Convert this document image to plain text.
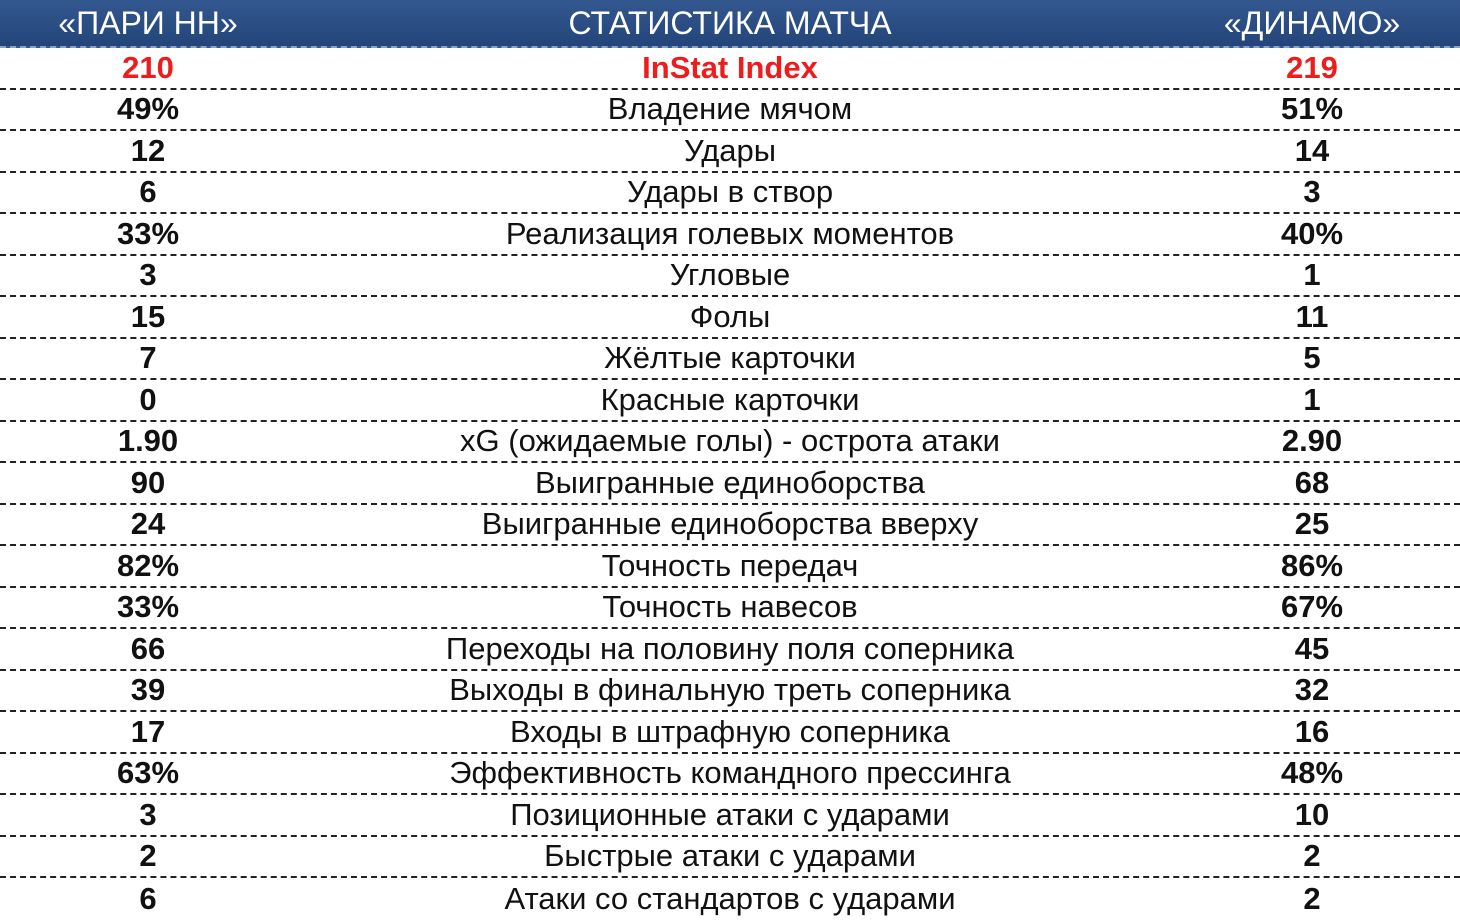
«ПАРИ НН»	СТАТИСТИКА МАТЧА	«ДИНАМО»
210	InStat Index	219
49%	Владение мячом	51%
12	Удары	14
6	Удары в створ	3
33%	Реализация голевых моментов	40%
3	Угловые	1
15	Фолы	11
7	Жёлтые карточки	5
0	Красные карточки	1
1.90	xG (ожидаемые голы) - острота атаки	2.90
90	Выигранные единоборства	68
24	Выигранные единоборства вверху	25
82%	Точность передач	86%
33%	Точность навесов	67%
66	Переходы на половину поля соперника	45
39	Выходы в финальную треть соперника	32
17	Входы в штрафную соперника	16
63%	Эффективность командного прессинга	48%
3	Позиционные атаки с ударами	10
2	Быстрые атаки с ударами	2
6	Атаки со стандартов с ударами	2
